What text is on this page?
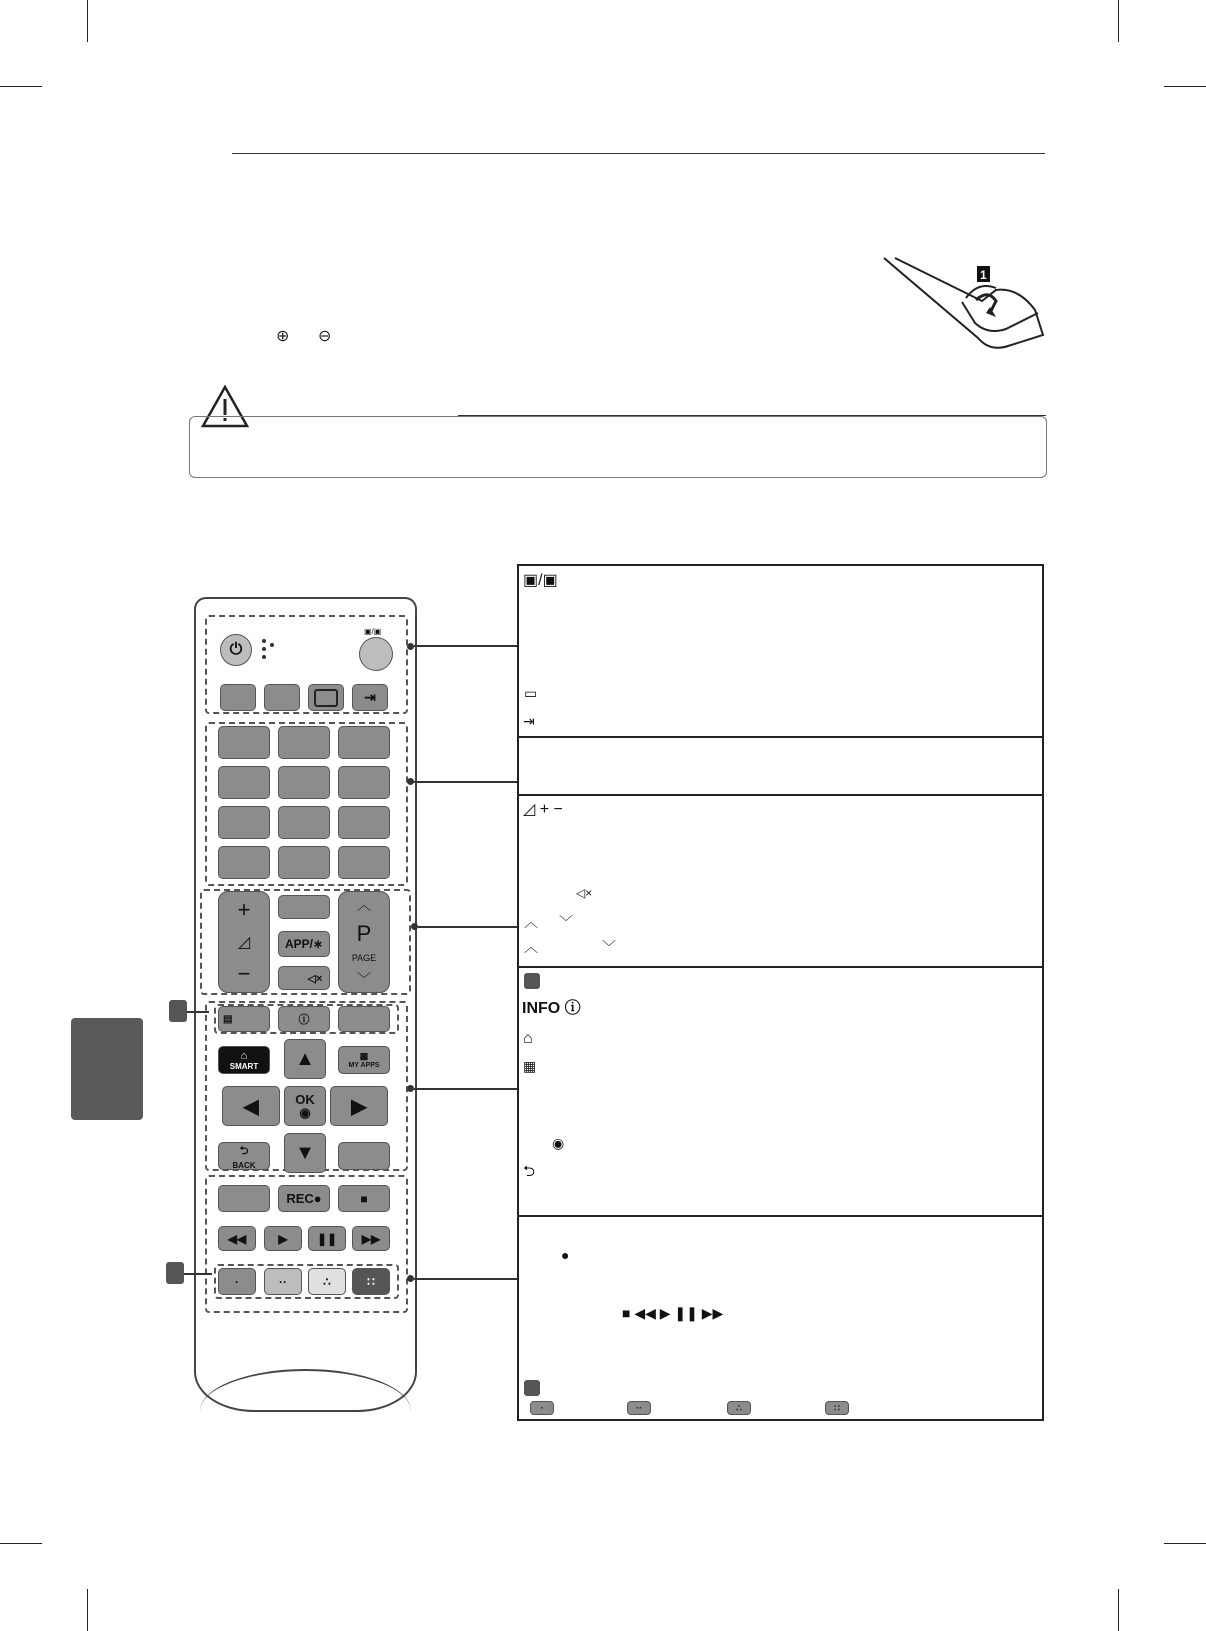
⊕ ⊖
1
⏻
▣/▣
⇥
+
◿
−
APP/∗
◁×
︿
P
PAGE
﹀
▤	ⓘ
⌂
SMART
▦
MY APPS
▲
◀	OK
◉ ▶
▼
⮌
BACK
REC●	■
◀◀	▶ ❚❚ ▶▶
·	··	∴	∷
▣/▣
▭
⇥
◿ + −
◁×
︿ ﹀
︿	﹀
INFO ⓘ
⌂
▦
◉
⮌
●
■ ◀◀ ▶ ❚❚ ▶▶
·	··	∴	∷
